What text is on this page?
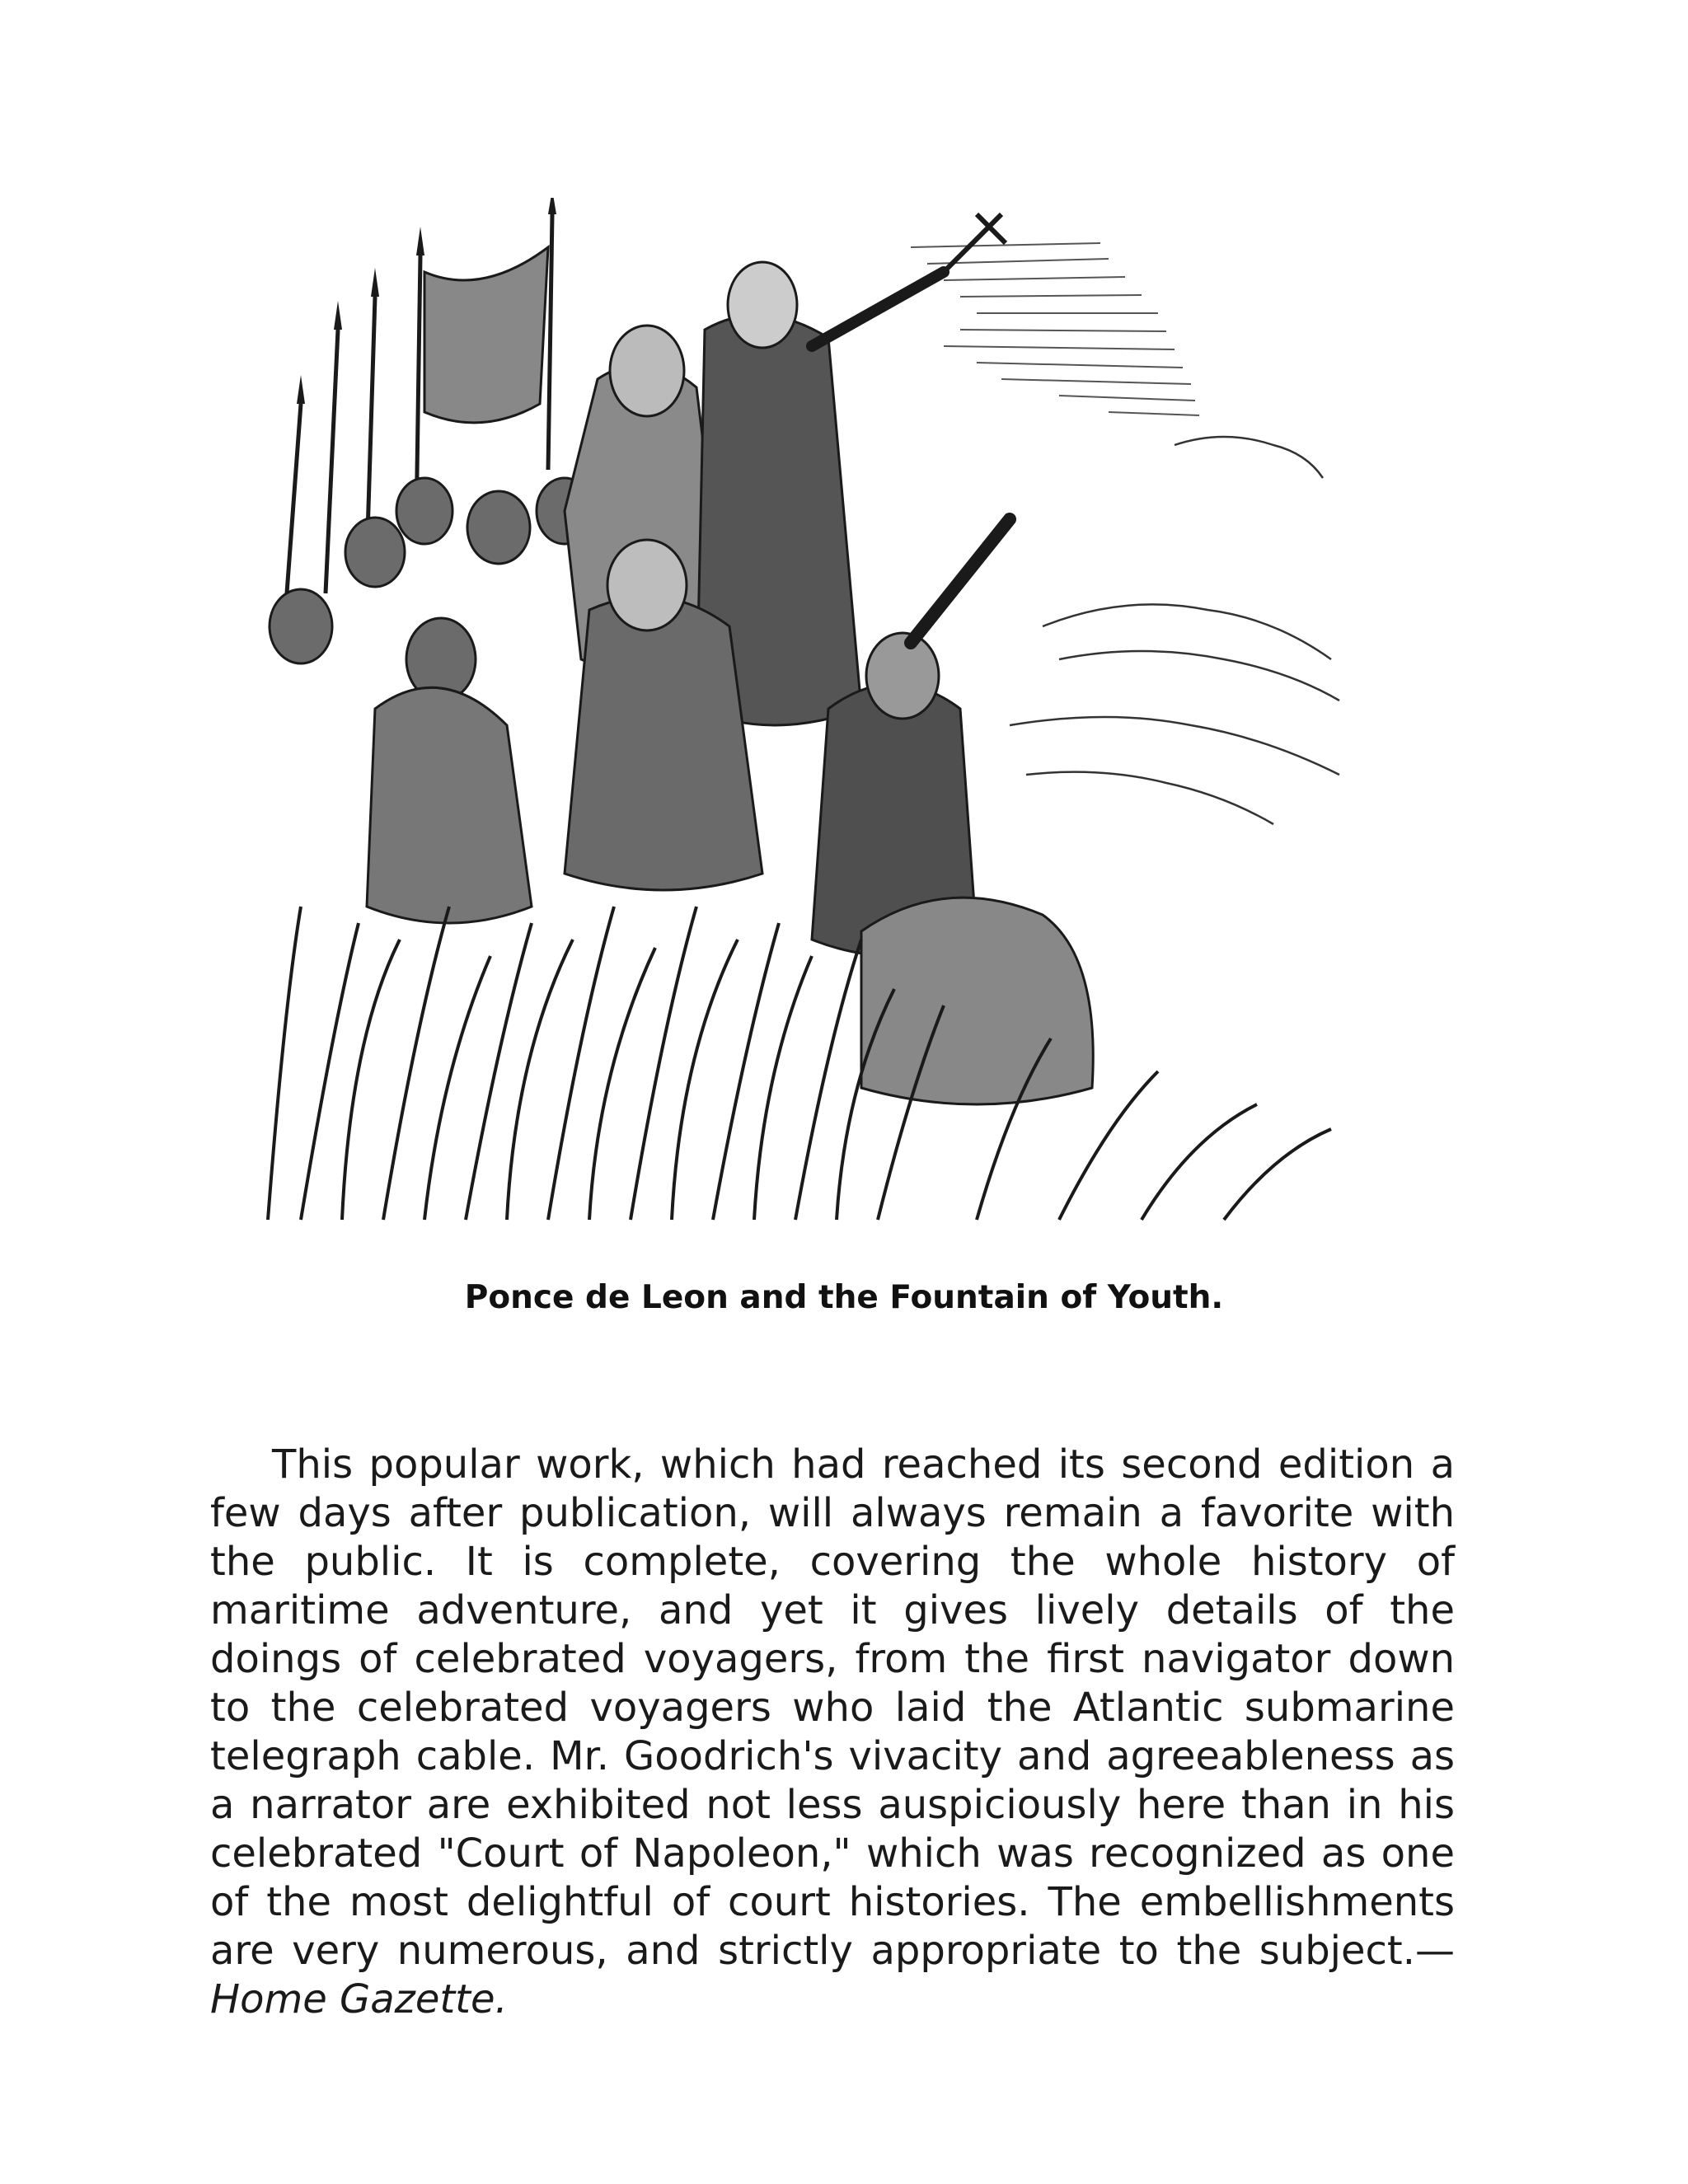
Ponce de Leon and the Fountain of Youth.

This popular work, which had reached its second edition a few days after publication, will always remain a favorite with the public. It is complete, covering the whole history of maritime adventure, and yet it gives lively details of the doings of celebrated voyagers, from the first navigator down to the celebrated voyagers who laid the Atlantic submarine telegraph cable. Mr. Goodrich's vivacity and agreeableness as a narrator are exhibited not less auspiciously here than in his celebrated "Court of Napoleon," which was recognized as one of the most delightful of court histories. The embellishments are very numerous, and strictly appropriate to the subject.—Home Gazette.
